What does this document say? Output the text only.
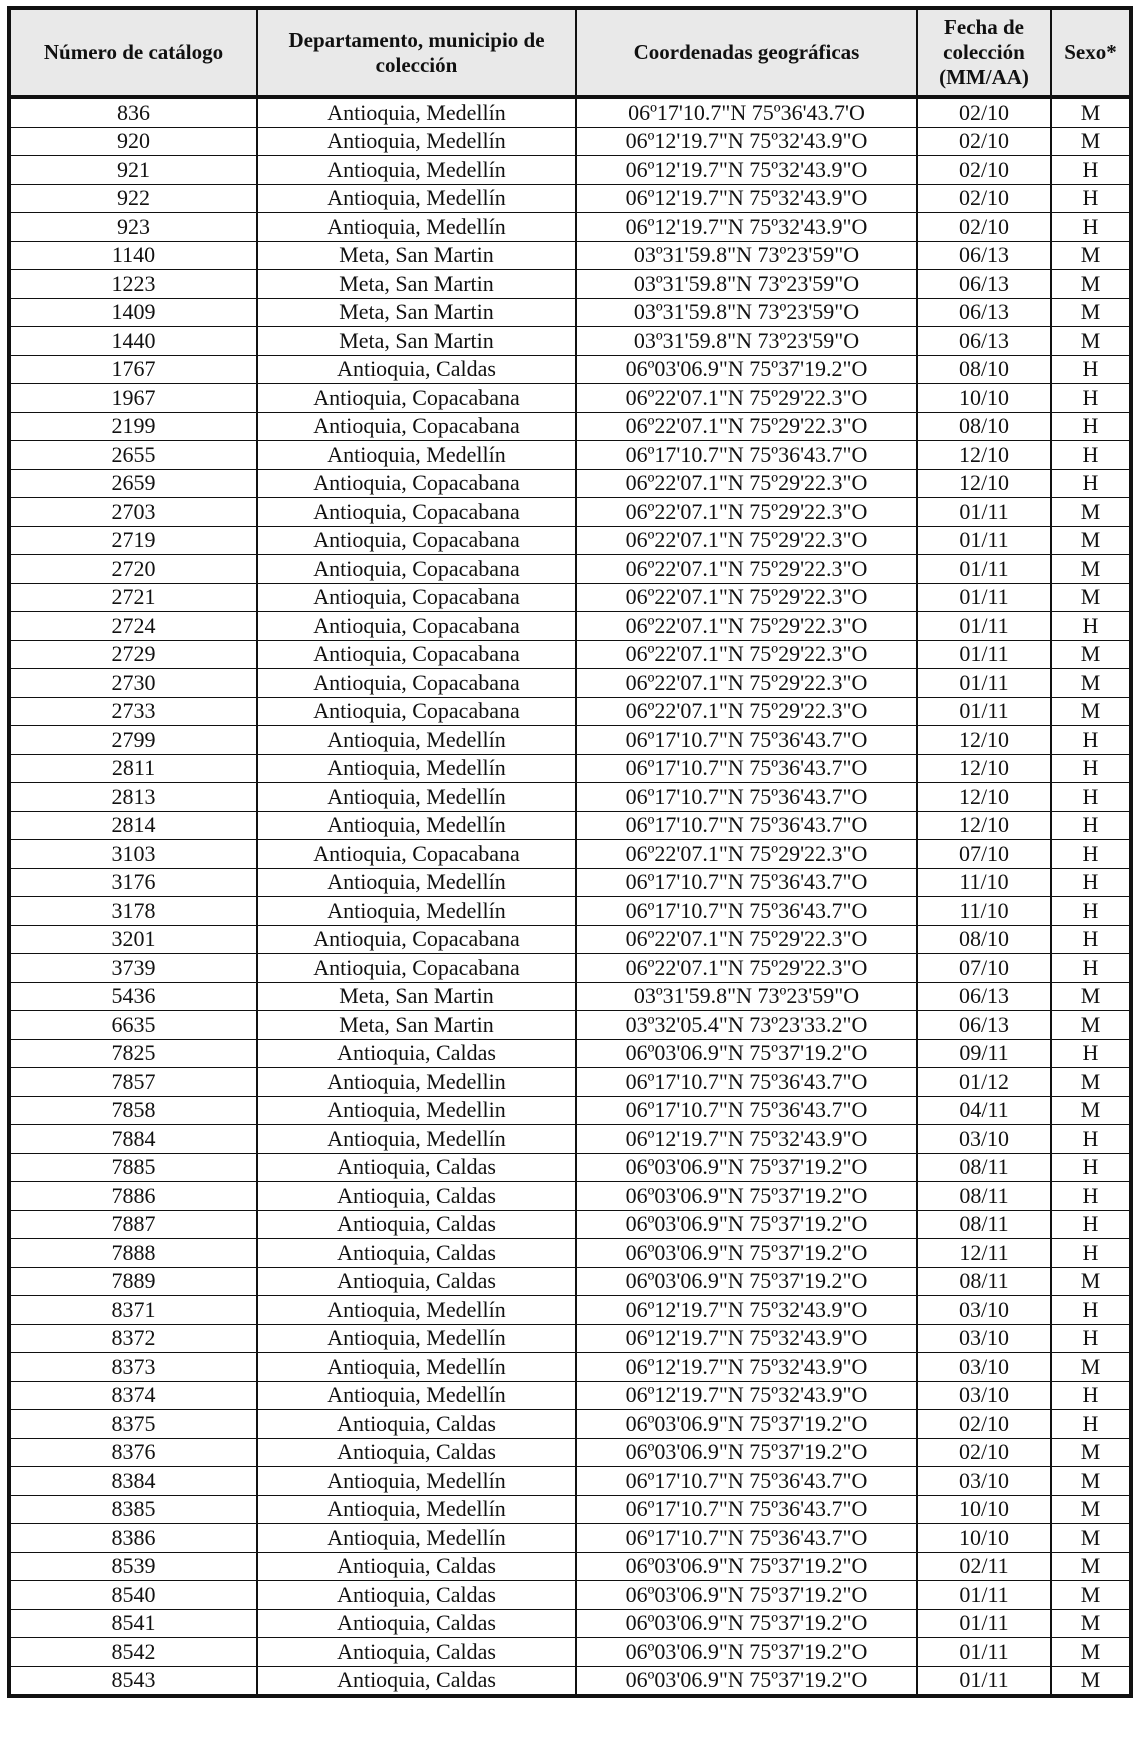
Número de catálogo	Departamento, municipio de colección	Coordenadas geográficas	Fecha de colección (MM/AA)	Sexo*
836	Antioquia, Medellín	06º17'10.7"N 75º36'43.7'O	02/10	M
920	Antioquia, Medellín	06º12'19.7"N 75º32'43.9"O	02/10	M
921	Antioquia, Medellín	06º12'19.7"N 75º32'43.9"O	02/10	H
922	Antioquia, Medellín	06º12'19.7"N 75º32'43.9"O	02/10	H
923	Antioquia, Medellín	06º12'19.7"N 75º32'43.9"O	02/10	H
1140	Meta, San Martin	03º31'59.8"N 73º23'59"O	06/13	M
1223	Meta, San Martin	03º31'59.8"N 73º23'59"O	06/13	M
1409	Meta, San Martin	03º31'59.8"N 73º23'59"O	06/13	M
1440	Meta, San Martin	03º31'59.8"N 73º23'59"O	06/13	M
1767	Antioquia, Caldas	06º03'06.9"N 75º37'19.2"O	08/10	H
1967	Antioquia, Copacabana	06º22'07.1"N 75º29'22.3"O	10/10	H
2199	Antioquia, Copacabana	06º22'07.1"N 75º29'22.3"O	08/10	H
2655	Antioquia, Medellín	06º17'10.7"N 75º36'43.7"O	12/10	H
2659	Antioquia, Copacabana	06º22'07.1"N 75º29'22.3"O	12/10	H
2703	Antioquia, Copacabana	06º22'07.1"N 75º29'22.3"O	01/11	M
2719	Antioquia, Copacabana	06º22'07.1"N 75º29'22.3"O	01/11	M
2720	Antioquia, Copacabana	06º22'07.1"N 75º29'22.3"O	01/11	M
2721	Antioquia, Copacabana	06º22'07.1"N 75º29'22.3"O	01/11	M
2724	Antioquia, Copacabana	06º22'07.1"N 75º29'22.3"O	01/11	H
2729	Antioquia, Copacabana	06º22'07.1"N 75º29'22.3"O	01/11	M
2730	Antioquia, Copacabana	06º22'07.1"N 75º29'22.3"O	01/11	M
2733	Antioquia, Copacabana	06º22'07.1"N 75º29'22.3"O	01/11	M
2799	Antioquia, Medellín	06º17'10.7"N 75º36'43.7"O	12/10	H
2811	Antioquia, Medellín	06º17'10.7"N 75º36'43.7"O	12/10	H
2813	Antioquia, Medellín	06º17'10.7"N 75º36'43.7"O	12/10	H
2814	Antioquia, Medellín	06º17'10.7"N 75º36'43.7"O	12/10	H
3103	Antioquia, Copacabana	06º22'07.1"N 75º29'22.3"O	07/10	H
3176	Antioquia, Medellín	06º17'10.7"N 75º36'43.7"O	11/10	H
3178	Antioquia, Medellín	06º17'10.7"N 75º36'43.7"O	11/10	H
3201	Antioquia, Copacabana	06º22'07.1"N 75º29'22.3"O	08/10	H
3739	Antioquia, Copacabana	06º22'07.1"N 75º29'22.3"O	07/10	H
5436	Meta, San Martin	03º31'59.8"N 73º23'59"O	06/13	M
6635	Meta, San Martin	03º32'05.4"N 73º23'33.2"O	06/13	M
7825	Antioquia, Caldas	06º03'06.9"N 75º37'19.2"O	09/11	H
7857	Antioquia, Medellin	06º17'10.7"N 75º36'43.7"O	01/12	M
7858	Antioquia, Medellin	06º17'10.7"N 75º36'43.7"O	04/11	M
7884	Antioquia, Medellín	06º12'19.7"N 75º32'43.9"O	03/10	H
7885	Antioquia, Caldas	06º03'06.9"N 75º37'19.2"O	08/11	H
7886	Antioquia, Caldas	06º03'06.9"N 75º37'19.2"O	08/11	H
7887	Antioquia, Caldas	06º03'06.9"N 75º37'19.2"O	08/11	H
7888	Antioquia, Caldas	06º03'06.9"N 75º37'19.2"O	12/11	H
7889	Antioquia, Caldas	06º03'06.9"N 75º37'19.2"O	08/11	M
8371	Antioquia, Medellín	06º12'19.7"N 75º32'43.9"O	03/10	H
8372	Antioquia, Medellín	06º12'19.7"N 75º32'43.9"O	03/10	H
8373	Antioquia, Medellín	06º12'19.7"N 75º32'43.9"O	03/10	M
8374	Antioquia, Medellín	06º12'19.7"N 75º32'43.9"O	03/10	H
8375	Antioquia, Caldas	06º03'06.9"N 75º37'19.2"O	02/10	H
8376	Antioquia, Caldas	06º03'06.9"N 75º37'19.2"O	02/10	M
8384	Antioquia, Medellín	06º17'10.7"N 75º36'43.7"O	03/10	M
8385	Antioquia, Medellín	06º17'10.7"N 75º36'43.7"O	10/10	M
8386	Antioquia, Medellín	06º17'10.7"N 75º36'43.7"O	10/10	M
8539	Antioquia, Caldas	06º03'06.9"N 75º37'19.2"O	02/11	M
8540	Antioquia, Caldas	06º03'06.9"N 75º37'19.2"O	01/11	M
8541	Antioquia, Caldas	06º03'06.9"N 75º37'19.2"O	01/11	M
8542	Antioquia, Caldas	06º03'06.9"N 75º37'19.2"O	01/11	M
8543	Antioquia, Caldas	06º03'06.9"N 75º37'19.2"O	01/11	M
